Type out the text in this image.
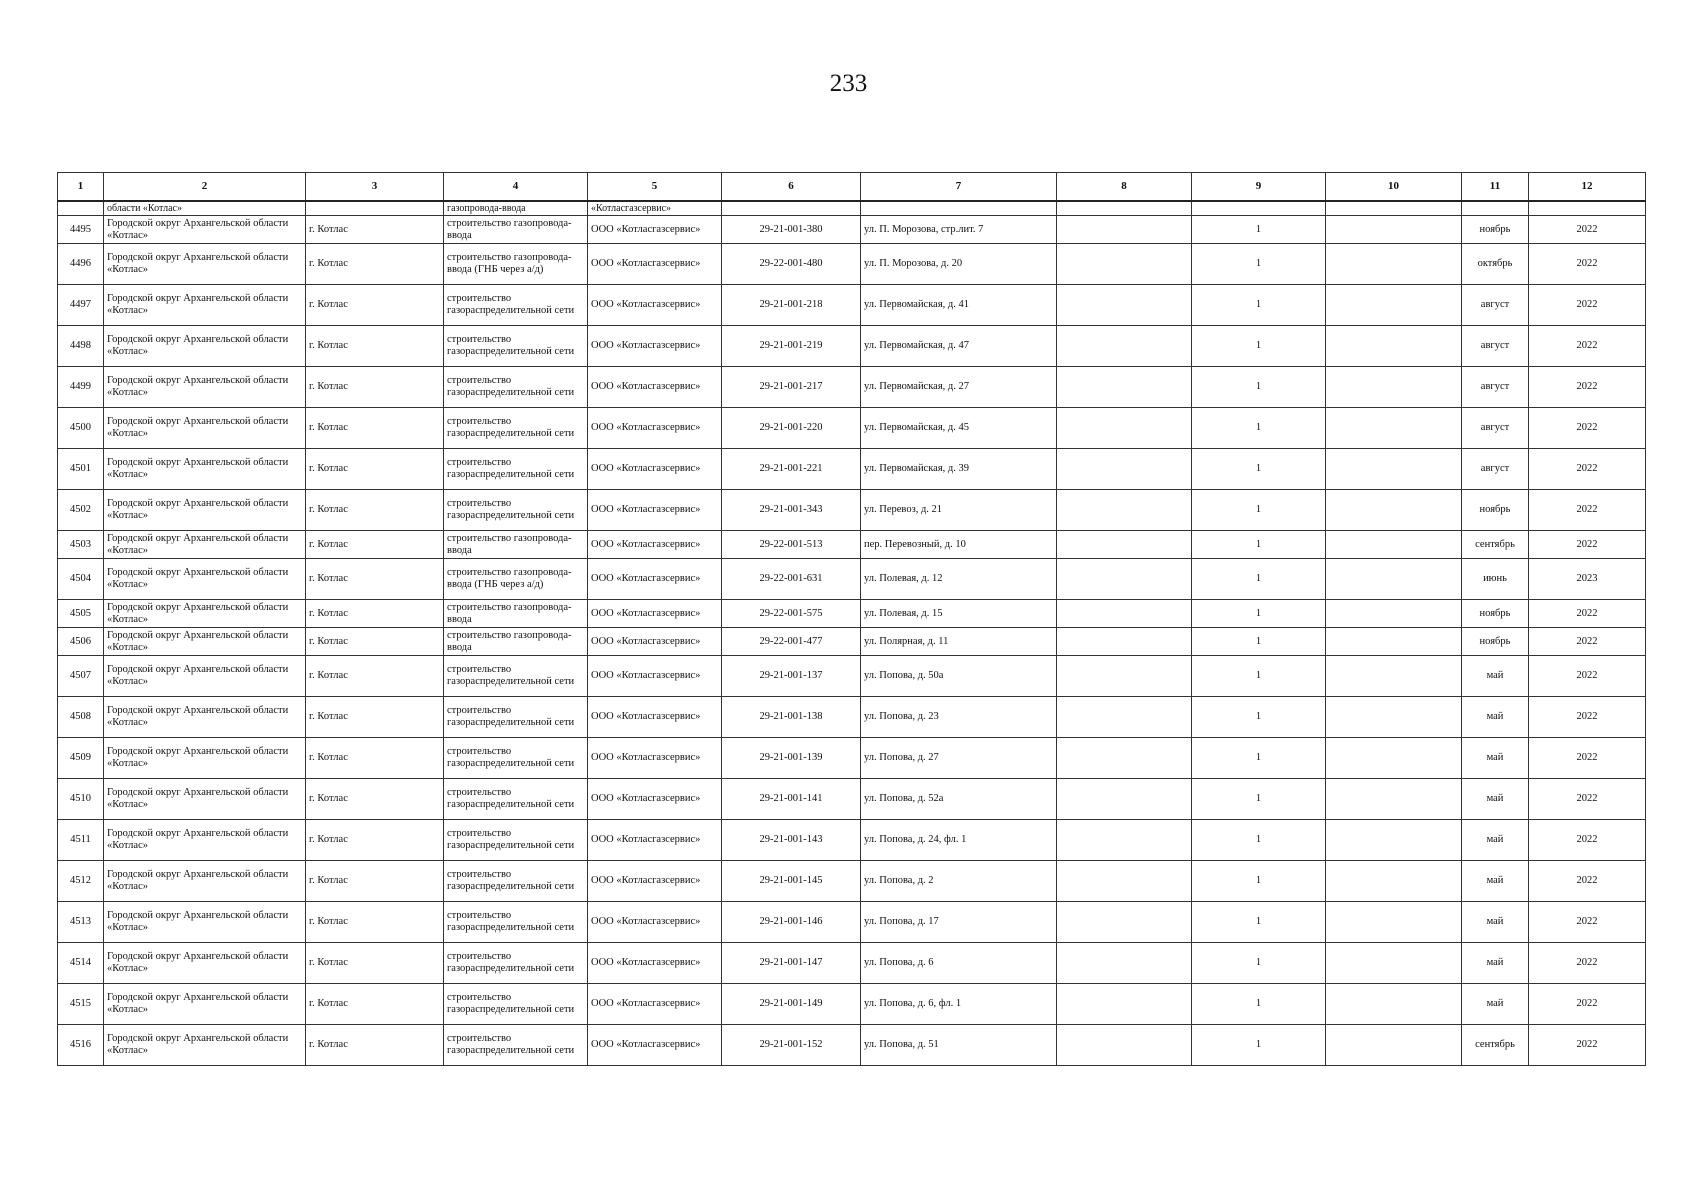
233
1	2	3	4	5	6	7	8	9	10	11	12
	области «Котлас»		газопровода-ввода	«Котласгазсервис»							
4495	Городской округ Архангельской области «Котлас»	г. Котлас	строительство газопровода-ввода	ООО «Котласгазсервис»	29-21-001-380	ул. П. Морозова, стр.лит. 7		1		ноябрь	2022
4496	Городской округ Архангельской области «Котлас»	г. Котлас	строительство газопровода-ввода (ГНБ через а/д)	ООО «Котласгазсервис»	29-22-001-480	ул. П. Морозова, д. 20		1		октябрь	2022
4497	Городской округ Архангельской области «Котлас»	г. Котлас	строительство газораспределительной сети	ООО «Котласгазсервис»	29-21-001-218	ул. Первомайская, д. 41		1		август	2022
4498	Городской округ Архангельской области «Котлас»	г. Котлас	строительство газораспределительной сети	ООО «Котласгазсервис»	29-21-001-219	ул. Первомайская, д. 47		1		август	2022
4499	Городской округ Архангельской области «Котлас»	г. Котлас	строительство газораспределительной сети	ООО «Котласгазсервис»	29-21-001-217	ул. Первомайская, д. 27		1		август	2022
4500	Городской округ Архангельской области «Котлас»	г. Котлас	строительство газораспределительной сети	ООО «Котласгазсервис»	29-21-001-220	ул. Первомайская, д. 45		1		август	2022
4501	Городской округ Архангельской области «Котлас»	г. Котлас	строительство газораспределительной сети	ООО «Котласгазсервис»	29-21-001-221	ул. Первомайская, д. 39		1		август	2022
4502	Городской округ Архангельской области «Котлас»	г. Котлас	строительство газораспределительной сети	ООО «Котласгазсервис»	29-21-001-343	ул. Перевоз, д. 21		1		ноябрь	2022
4503	Городской округ Архангельской области «Котлас»	г. Котлас	строительство газопровода-ввода	ООО «Котласгазсервис»	29-22-001-513	пер. Перевозный, д. 10		1		сентябрь	2022
4504	Городской округ Архангельской области «Котлас»	г. Котлас	строительство газопровода-ввода (ГНБ через а/д)	ООО «Котласгазсервис»	29-22-001-631	ул. Полевая, д. 12		1		июнь	2023
4505	Городской округ Архангельской области «Котлас»	г. Котлас	строительство газопровода-ввода	ООО «Котласгазсервис»	29-22-001-575	ул. Полевая, д. 15		1		ноябрь	2022
4506	Городской округ Архангельской области «Котлас»	г. Котлас	строительство газопровода-ввода	ООО «Котласгазсервис»	29-22-001-477	ул. Полярная, д. 11		1		ноябрь	2022
4507	Городской округ Архангельской области «Котлас»	г. Котлас	строительство газораспределительной сети	ООО «Котласгазсервис»	29-21-001-137	ул. Попова, д. 50а		1		май	2022
4508	Городской округ Архангельской области «Котлас»	г. Котлас	строительство газораспределительной сети	ООО «Котласгазсервис»	29-21-001-138	ул. Попова, д. 23		1		май	2022
4509	Городской округ Архангельской области «Котлас»	г. Котлас	строительство газораспределительной сети	ООО «Котласгазсервис»	29-21-001-139	ул. Попова, д. 27		1		май	2022
4510	Городской округ Архангельской области «Котлас»	г. Котлас	строительство газораспределительной сети	ООО «Котласгазсервис»	29-21-001-141	ул. Попова, д. 52а		1		май	2022
4511	Городской округ Архангельской области «Котлас»	г. Котлас	строительство газораспределительной сети	ООО «Котласгазсервис»	29-21-001-143	ул. Попова, д. 24, фл. 1		1		май	2022
4512	Городской округ Архангельской области «Котлас»	г. Котлас	строительство газораспределительной сети	ООО «Котласгазсервис»	29-21-001-145	ул. Попова, д. 2		1		май	2022
4513	Городской округ Архангельской области «Котлас»	г. Котлас	строительство газораспределительной сети	ООО «Котласгазсервис»	29-21-001-146	ул. Попова, д. 17		1		май	2022
4514	Городской округ Архангельской области «Котлас»	г. Котлас	строительство газораспределительной сети	ООО «Котласгазсервис»	29-21-001-147	ул. Попова, д. 6		1		май	2022
4515	Городской округ Архангельской области «Котлас»	г. Котлас	строительство газораспределительной сети	ООО «Котласгазсервис»	29-21-001-149	ул. Попова, д. 6, фл. 1		1		май	2022
4516	Городской округ Архангельской области «Котлас»	г. Котлас	строительство газораспределительной сети	ООО «Котласгазсервис»	29-21-001-152	ул. Попова, д. 51		1		сентябрь	2022
